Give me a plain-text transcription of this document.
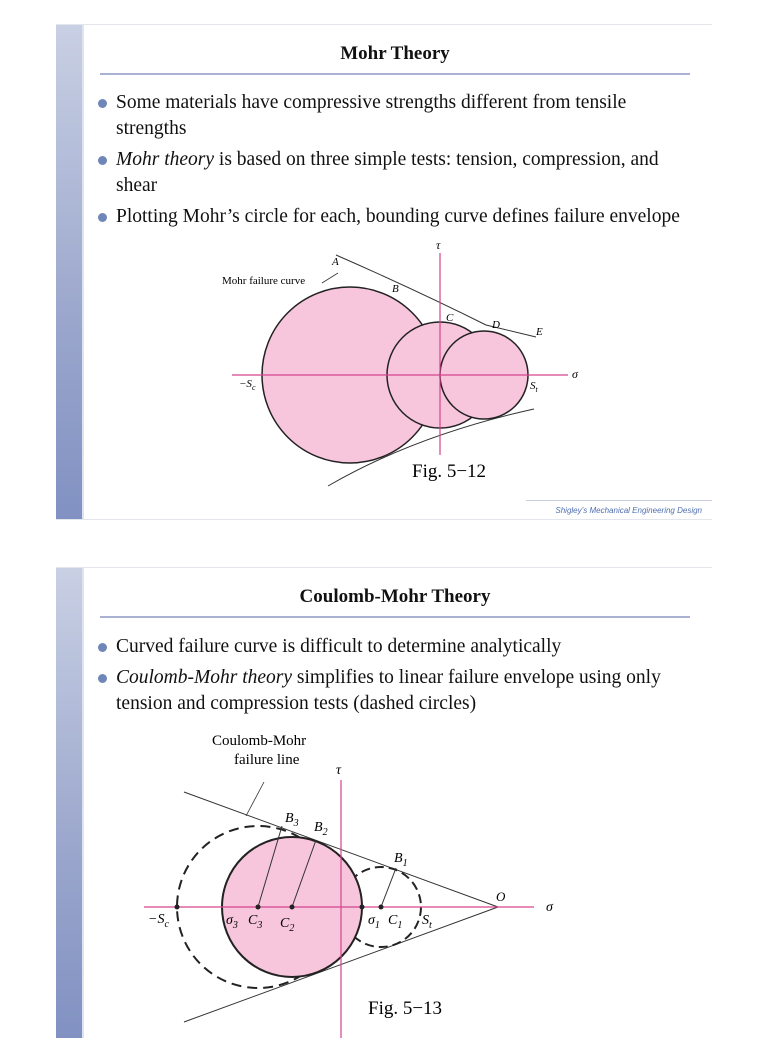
Mohr Theory
Some materials have compressive strengths different from tensile strengths
Mohr theory is based on three simple tests: tension, compression, and shear
Plotting Mohr’s circle for each, bounding curve defines failure envelope
Mohr failure curve
A
B
C
D
E
τ
σ
$-S_c$	$S_t$
Fig. 5−12
Shigley’s Mechanical Engineering Design
Coulomb-Mohr Theory
Curved failure curve is difficult to determine analytically
Coulomb-Mohr theory simplifies to linear failure envelope using only tension and compression tests (dashed circles)
Coulomb-Mohr
failure line
τ
σ
O
$B_3$ $B_2$
$B_1$
$-S_c$	$\sigma_3$ $C_3$ $C_2$
$\sigma_1$ $C_1$ $S_t$
Fig. 5−13
